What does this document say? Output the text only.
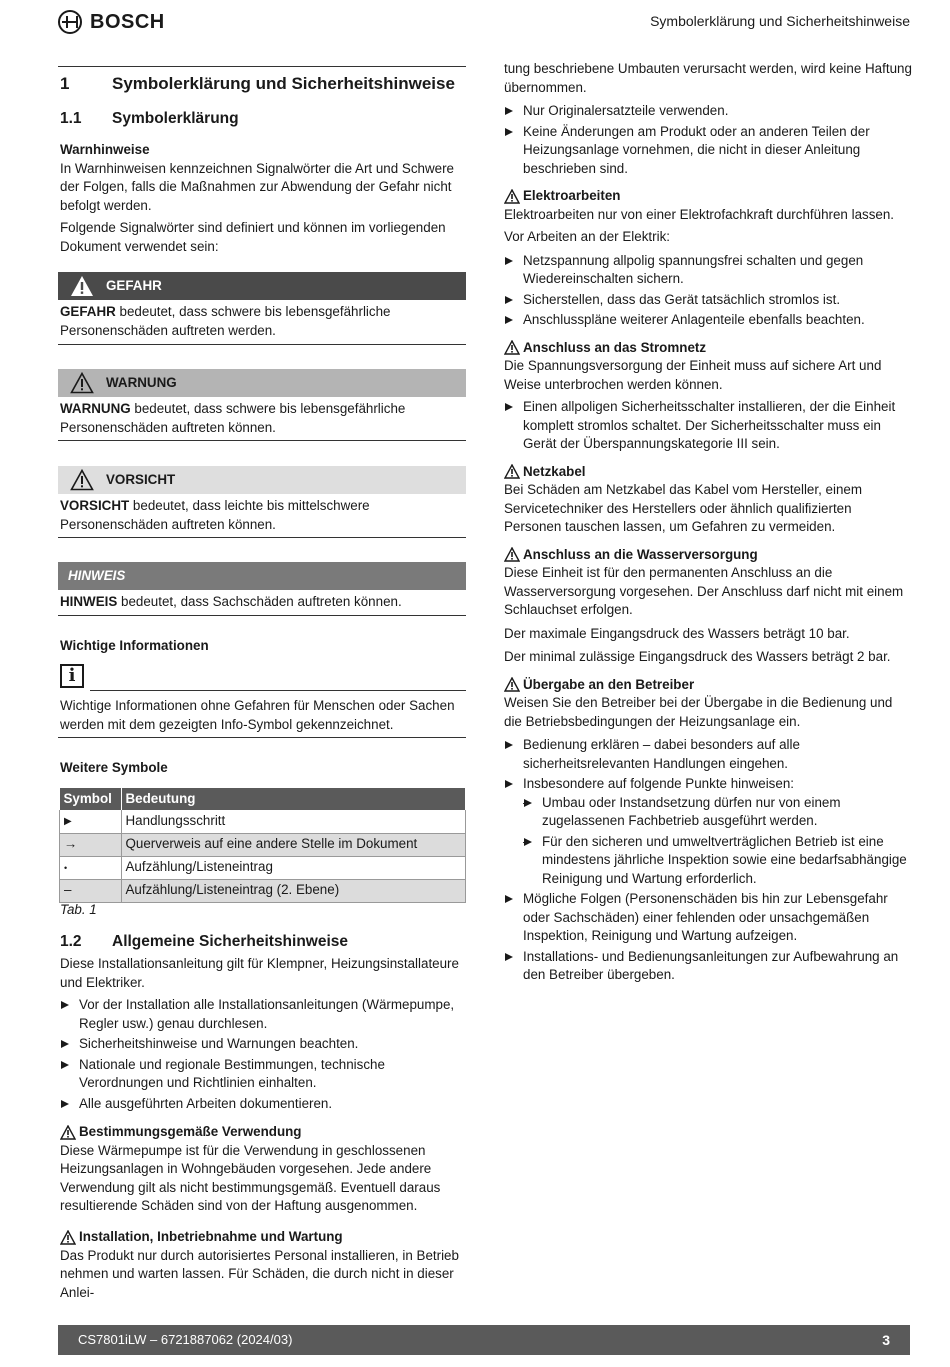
BOSCH	Symbolerklärung und Sicherheitshinweise
1	Symbolerklärung und Sicherheitshinweise
1.1	Symbolerklärung

Warnhinweise

In Warnhinweisen kennzeichnen Signalwörter die Art und Schwere der Folgen, falls die Maßnahmen zur Abwendung der Gefahr nicht befolgt werden.

Folgende Signalwörter sind definiert und können im vorliegenden Dokument verwendet sein:

GEFAHR
GEFAHR bedeutet, dass schwere bis lebensgefährliche Personenschäden auftreten werden.
WARNUNG
WARNUNG bedeutet, dass schwere bis lebensgefährliche Personenschäden auftreten können.
VORSICHT
VORSICHT bedeutet, dass leichte bis mittelschwere Personenschäden auftreten können.
HINWEIS
HINWEIS bedeutet, dass Sachschäden auftreten können.
Wichtige Informationen
i
Wichtige Informationen ohne Gefahren für Menschen oder Sachen werden mit dem gezeigten Info-Symbol gekennzeichnet.
Weitere Symbole
Symbol	Bedeutung
▶	Handlungsschritt
→	Querverweis auf eine andere Stelle im Dokument
•	Aufzählung/Listeneintrag
–	Aufzählung/Listeneintrag (2. Ebene)
Tab. 1
1.2	Allgemeine Sicherheitshinweise

Diese Installationsanleitung gilt für Klempner, Heizungsinstallateure und Elektriker.

Vor der Installation alle Installationsanleitungen (Wärmepumpe, Regler usw.) genau durchlesen.
Sicherheitshinweise und Warnungen beachten.
Nationale und regionale Bestimmungen, technische Verordnungen und Richtlinien einhalten.
Alle ausgeführten Arbeiten dokumentieren.
Bestimmungsgemäße Verwendung

Diese Wärmepumpe ist für die Verwendung in geschlossenen Heizungsanlagen in Wohngebäuden vorgesehen. Jede andere Verwendung gilt als nicht bestimmungsgemäß. Eventuell daraus resultierende Schäden sind von der Haftung ausgenommen.

Installation, Inbetriebnahme und Wartung

Das Produkt nur durch autorisiertes Personal installieren, in Betrieb nehmen und warten lassen. Für Schäden, die durch nicht in dieser Anlei-

tung beschriebene Umbauten verursacht werden, wird keine Haftung übernommen.

Nur Originalersatzteile verwenden.
Keine Änderungen am Produkt oder an anderen Teilen der Heizungsanlage vornehmen, die nicht in dieser Anleitung beschrieben sind.
Elektroarbeiten

Elektroarbeiten nur von einer Elektrofachkraft durchführen lassen.

Vor Arbeiten an der Elektrik:

Netzspannung allpolig spannungsfrei schalten und gegen Wiedereinschalten sichern.
Sicherstellen, dass das Gerät tatsächlich stromlos ist.
Anschlusspläne weiterer Anlagenteile ebenfalls beachten.
Anschluss an das Stromnetz

Die Spannungsversorgung der Einheit muss auf sichere Art und Weise unterbrochen werden können.

Einen allpoligen Sicherheitsschalter installieren, der die Einheit komplett stromlos schaltet. Der Sicherheitsschalter muss ein Gerät der Überspannungskategorie III sein.
Netzkabel

Bei Schäden am Netzkabel das Kabel vom Hersteller, einem Servicetechniker des Herstellers oder ähnlich qualifizierten Personen tauschen lassen, um Gefahren zu vermeiden.

Anschluss an die Wasserversorgung

Diese Einheit ist für den permanenten Anschluss an die Wasserversorgung vorgesehen. Der Anschluss darf nicht mit einem Schlauchset erfolgen.

Der maximale Eingangsdruck des Wassers beträgt 10 bar.

Der minimal zulässige Eingangsdruck des Wassers beträgt 2 bar.

Übergabe an den Betreiber

Weisen Sie den Betreiber bei der Übergabe in die Bedienung und die Betriebsbedingungen der Heizungsanlage ein.

Bedienung erklären – dabei besonders auf alle sicherheitsrelevanten Handlungen eingehen.
Insbesondere auf folgende Punkte hinweisen:
– Umbau oder Instandsetzung dürfen nur von einem zugelassenen Fachbetrieb ausgeführt werden.
– Für den sicheren und umweltverträglichen Betrieb ist eine mindestens jährliche Inspektion sowie eine bedarfsabhängige Reinigung und Wartung erforderlich.
Mögliche Folgen (Personenschäden bis hin zur Lebensgefahr oder Sachschäden) einer fehlenden oder unsachgemäßen Inspektion, Reinigung und Wartung aufzeigen.
Installations- und Bedienungsanleitungen zur Aufbewahrung an den Betreiber übergeben.
CS7801iLW – 6721887062 (2024/03)	3
